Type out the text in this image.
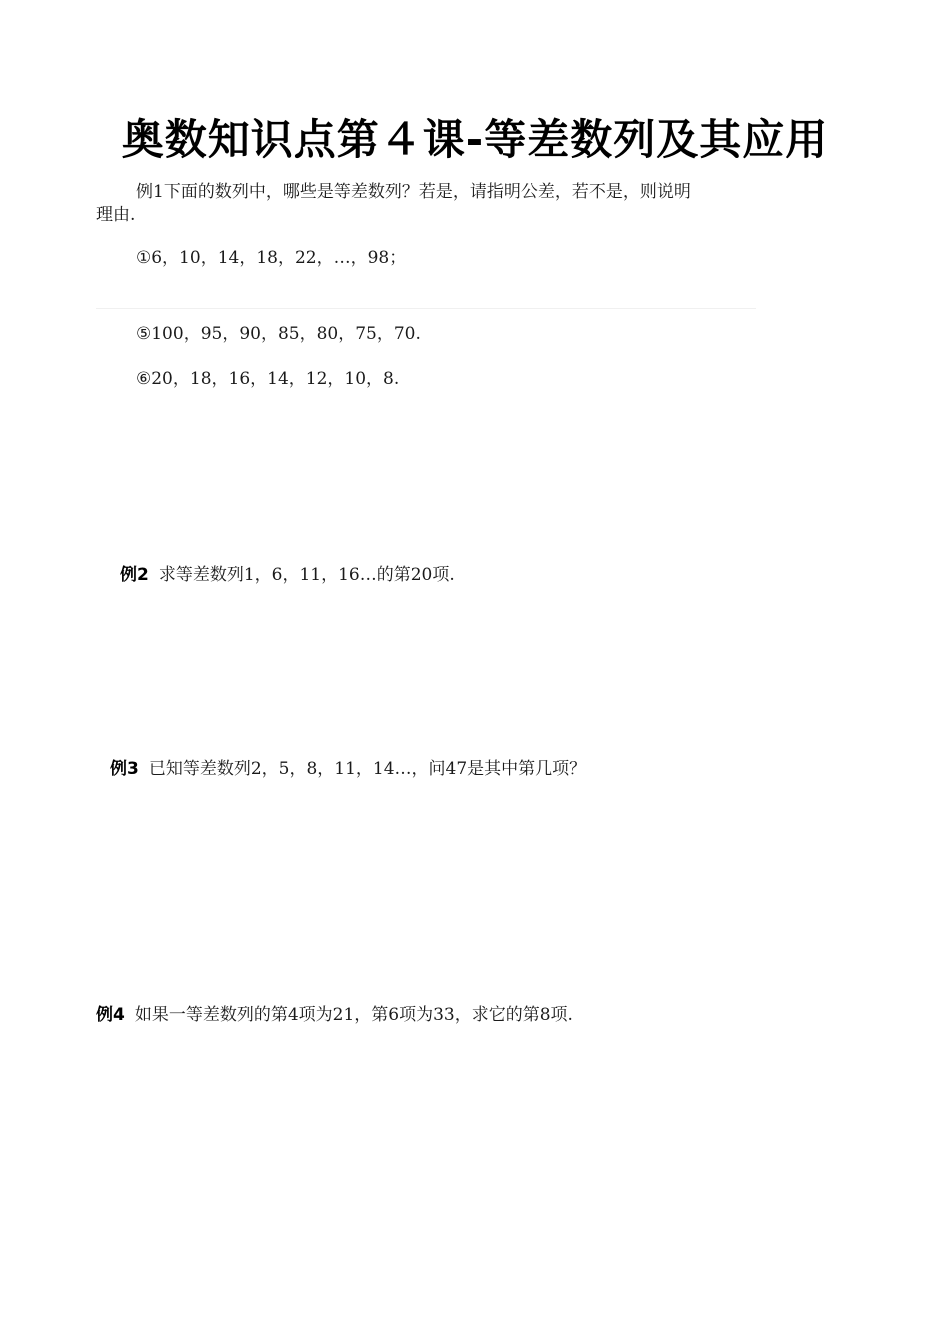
奥数知识点第４课-等差数列及其应用
例1下面的数列中，哪些是等差数列？若是，请指明公差，若不是，则说明
理由.
①6，10，14，18，22，…，98；
⑤100，95，90，85，80，75，70.
⑥20，18，16，14，12，10，8.
例2 求等差数列1，6，11，16…的第20项.
例3 已知等差数列2，5，8，11，14…，问47是其中第几项？
例4 如果一等差数列的第4项为21，第6项为33，求它的第8项.
